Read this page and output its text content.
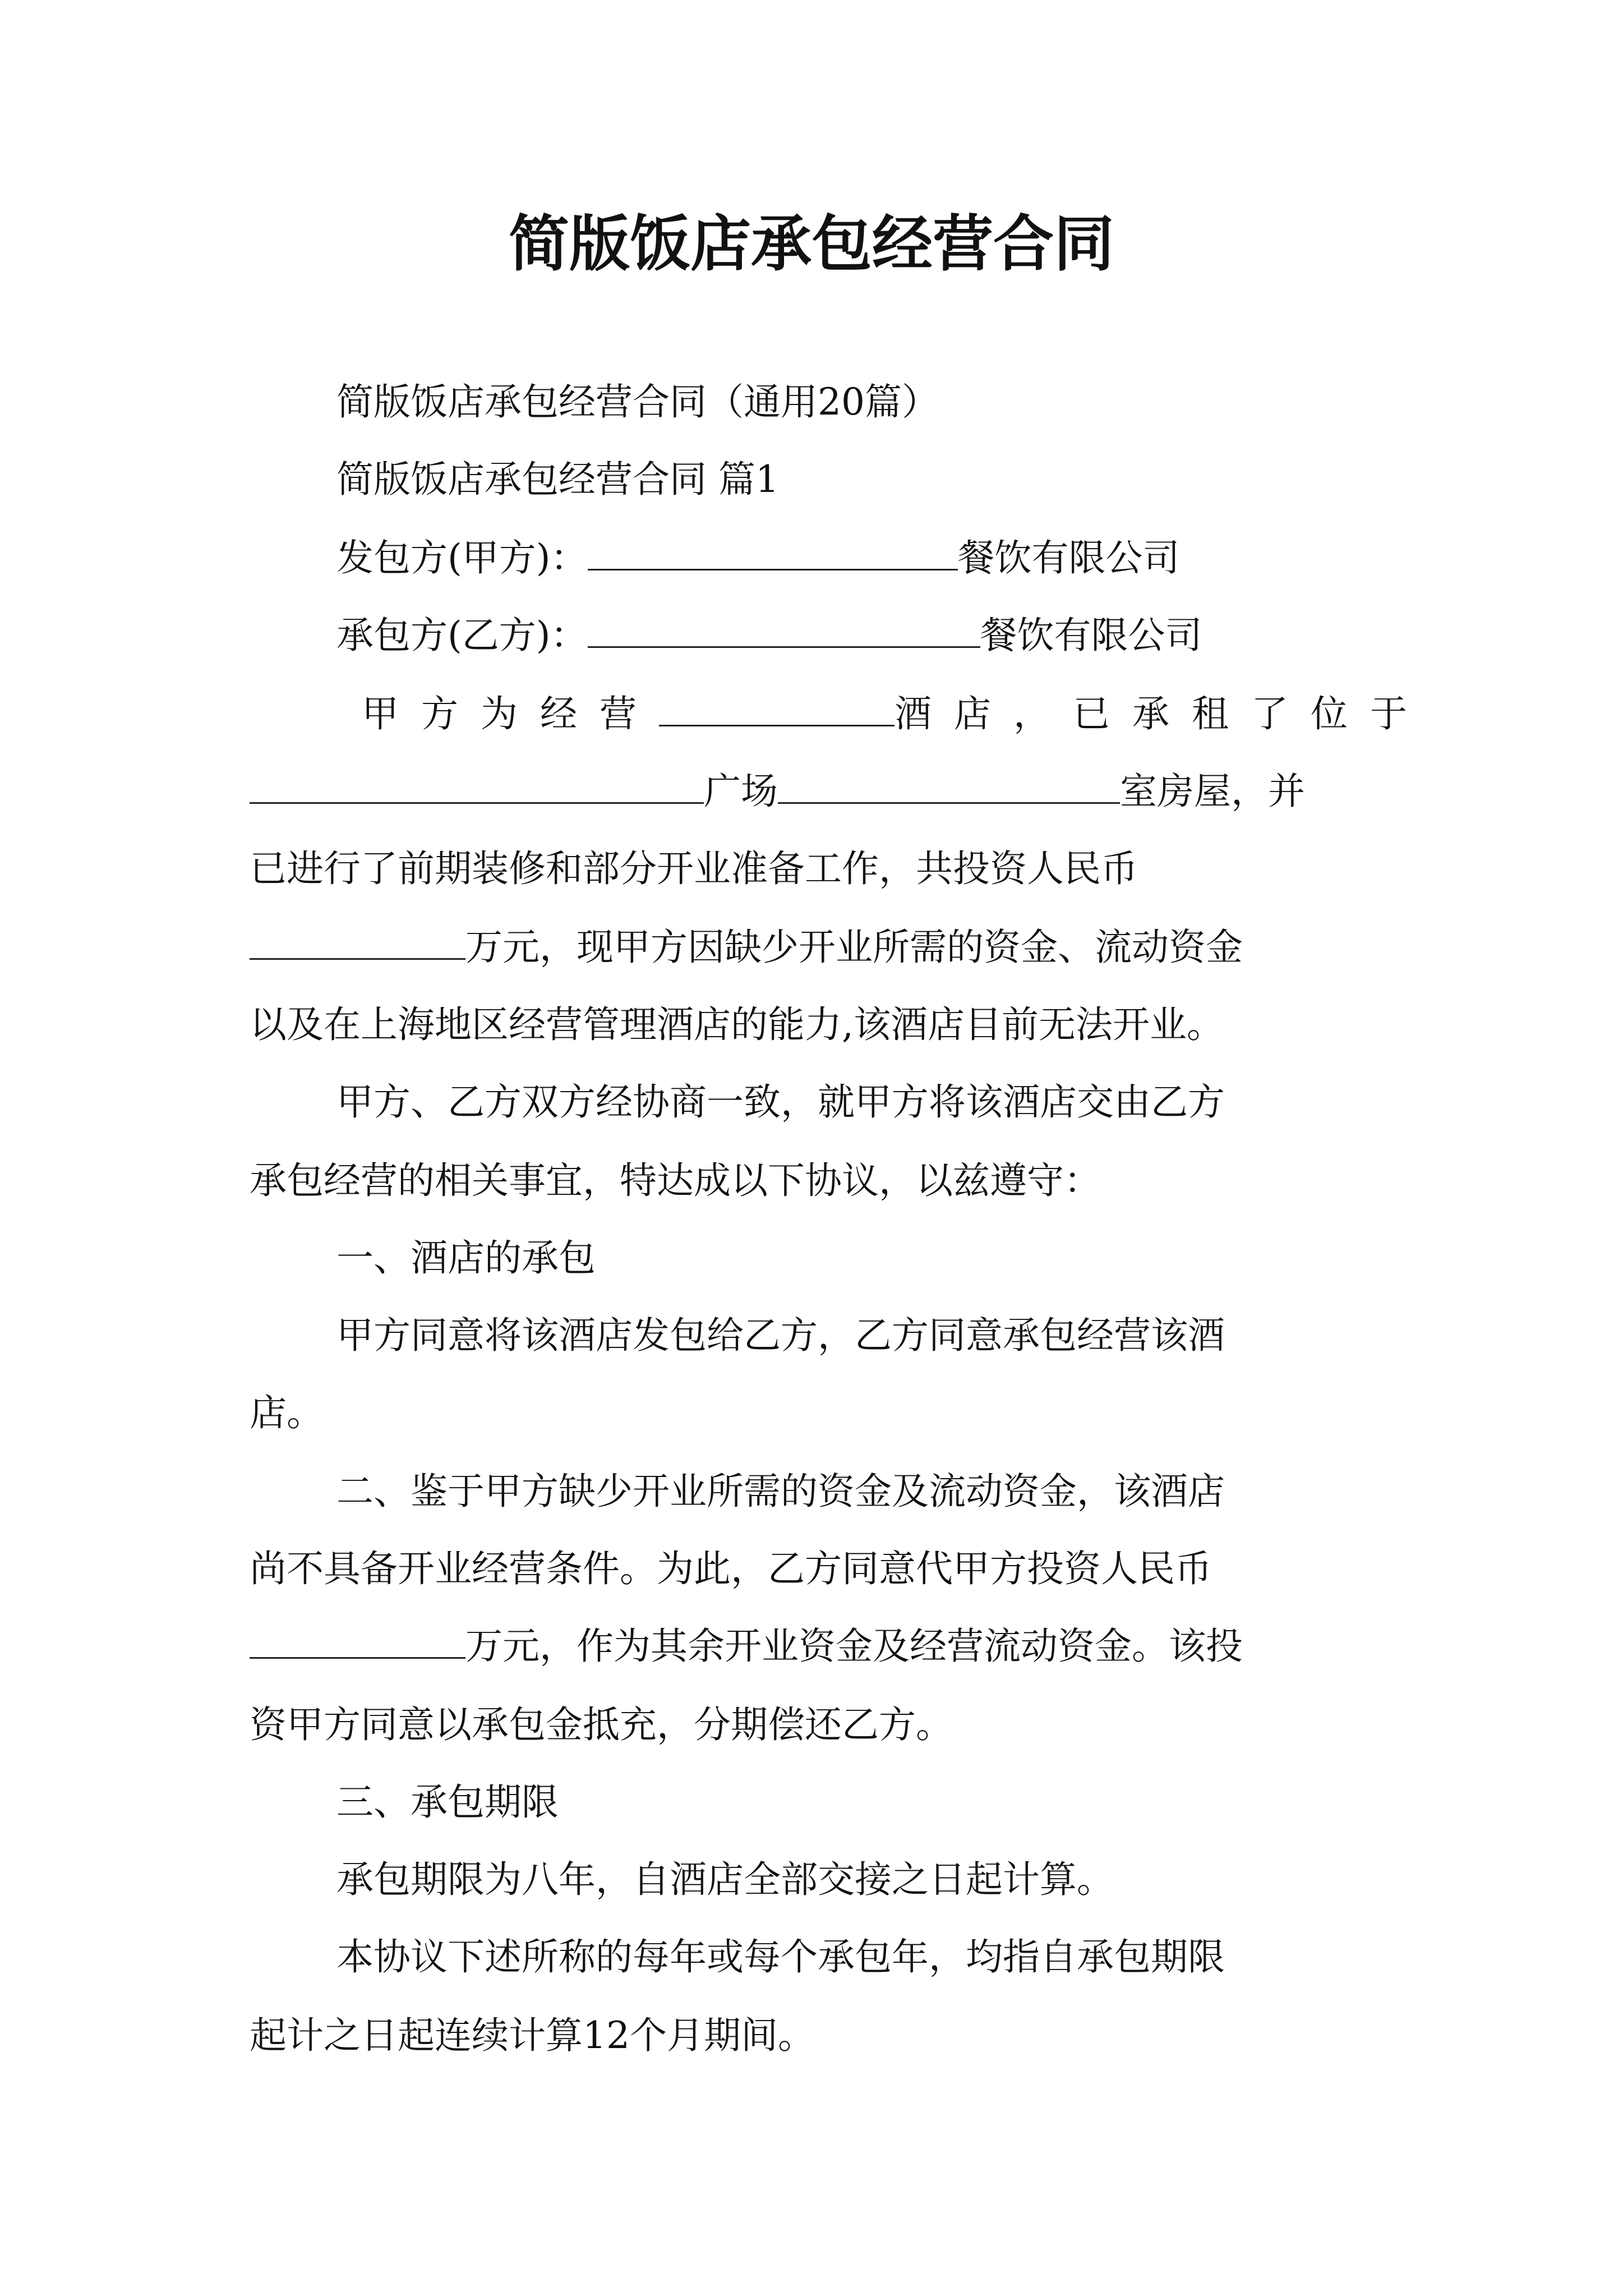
简版饭店承包经营合同
简版饭店承包经营合同（通用20篇）
简版饭店承包经营合同 篇1
发包方(甲方)：	餐饮有限公司
承包方(乙方)：	餐饮有限公司
甲方为经营	酒店，已承租了位于
广场	室房屋，并
已进行了前期装修和部分开业准备工作，共投资人民币
万元，现甲方因缺少开业所需的资金、流动资金
以及在上海地区经营管理酒店的能力,该酒店目前无法开业。
甲方、乙方双方经协商一致，就甲方将该酒店交由乙方
承包经营的相关事宜，特达成以下协议，以兹遵守：
一、酒店的承包
甲方同意将该酒店发包给乙方，乙方同意承包经营该酒
店。
二、鉴于甲方缺少开业所需的资金及流动资金，该酒店
尚不具备开业经营条件。为此，乙方同意代甲方投资人民币
万元，作为其余开业资金及经营流动资金。该投
资甲方同意以承包金抵充，分期偿还乙方。
三、承包期限
承包期限为八年，自酒店全部交接之日起计算。
本协议下述所称的每年或每个承包年，均指自承包期限
起计之日起连续计算12个月期间。
